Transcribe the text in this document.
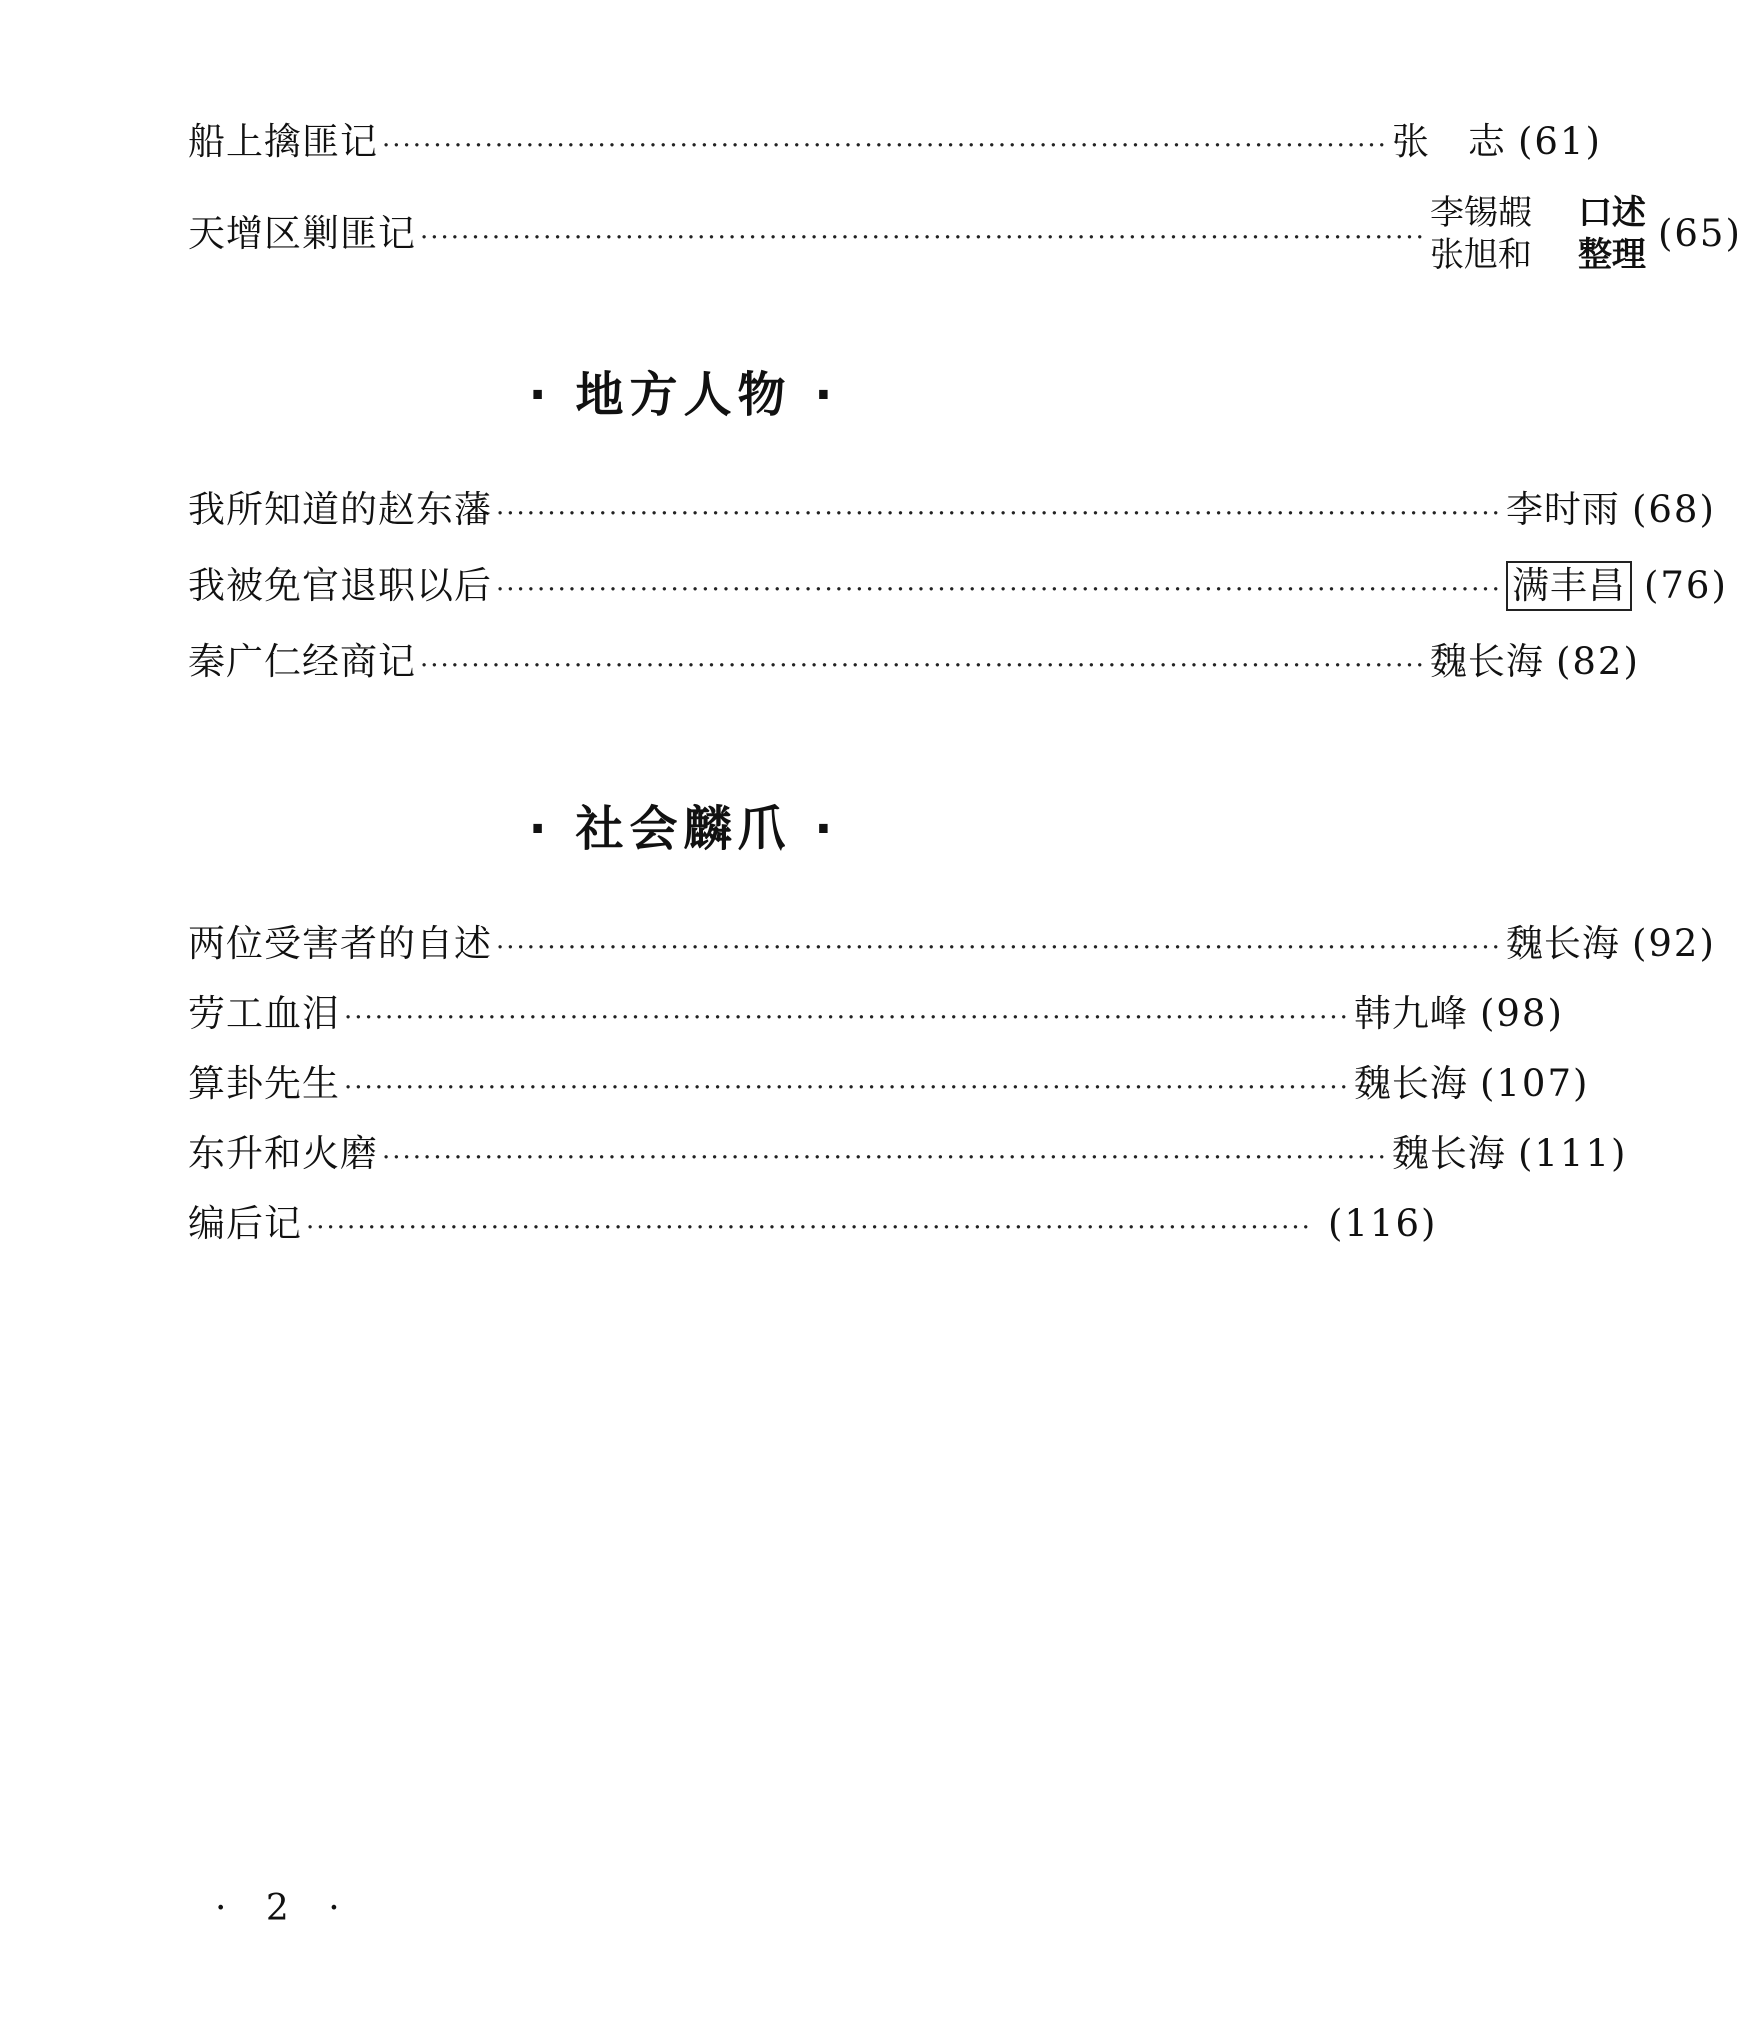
船上擒匪记 ·································································································· 张　志 (61)
天增区剿匪记 ··································································································
李锡嘏 口述
张旭和 整理 (65)
· 地方人物 ·
我所知道的赵东藩 ·································································································· 李时雨 (68)
我被免官退职以后 ·································································································· 满丰昌 (76)
秦广仁经商记 ·································································································· 魏长海 (82)
· 社会麟爪 ·
两位受害者的自述 ·································································································· 魏长海 (92)
劳工血泪 ·································································································· 韩九峰 (98)
算卦先生 ·································································································· 魏长海 (107)
东升和火磨 ·································································································· 魏长海 (111)
编后记 ·································································································· (116)
· 2 ·
